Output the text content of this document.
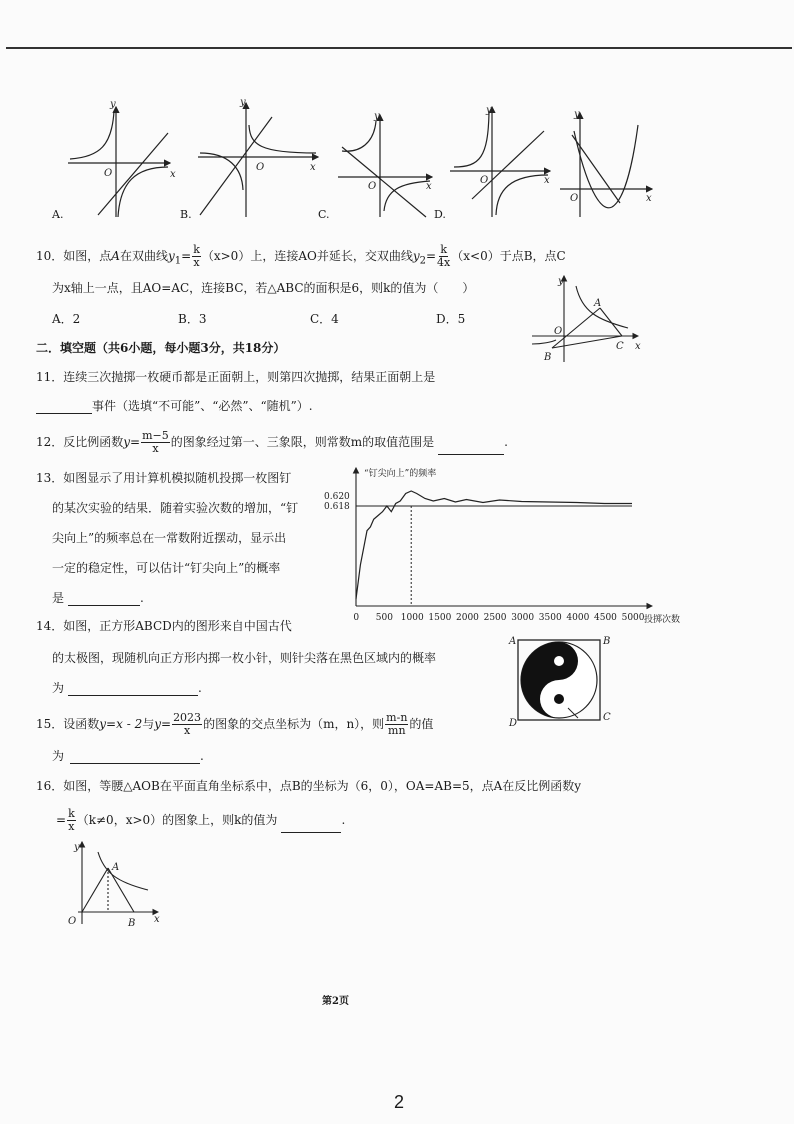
y
x
O
y
x
O
y
x
O
y
x
O
y
x
O
A.	B.	C.	D.
10．如图，点A在双曲线$y_1= \frac{k}{x} (x>0)$上，连接AO并延长，交双曲线$y_2= \frac{k}{4x} (x<0)$于点B，点C
为x轴上一点，且AO=AC，连接BC，若△ABC的面积是6，则k的值为（　　）
A．2	B．3	C．4	D．5
A
B
C
O
x
y
二．填空题（共6小题，每小题3分，共18分）
11．连续三次抛掷一枚硬币都是正面朝上，则第四次抛掷，结果正面朝上是
事件（选填“不可能”、“必然”、“随机”）.
12．反比例函数$y= \frac{m-5}{x}$ 的图象经过第一、三象限，则常数m的取值范围是	.
13．如图显示了用计算机模拟随机投掷一枚图钉
的某次实验的结果．随着实验次数的增加，“钉
尖向上”的频率总在一常数附近摆动，显示出
一定的稳定性，可以估计“钉尖向上”的概率
是	.
“钉尖向上”的频率
投掷次数
0 500 1000 1500 2000 2500 3000 3500 4000 4500 5000
0.618
0.620
14．如图，正方形ABCD内的图形来自中国古代
的太极图，现随机向正方形内掷一枚小针，则针尖落在黑色区域内的概率
为	.
A	B
C
D
15．设函数y=x - 2与$y= \frac{2023}{x}$ 的图象的交点坐标为（m，n），则 $\frac{m-n}{mn}$ 的值
为	.
16．如图，等腰△AOB在平面直角坐标系中，点B的坐标为（6，0），OA=AB=5，点A在反比例函数y
= $\frac{k}{x} (k\ne 0$，x>0）的图象上，则k的值为	.
A
B
O	x
y
第2页
2
